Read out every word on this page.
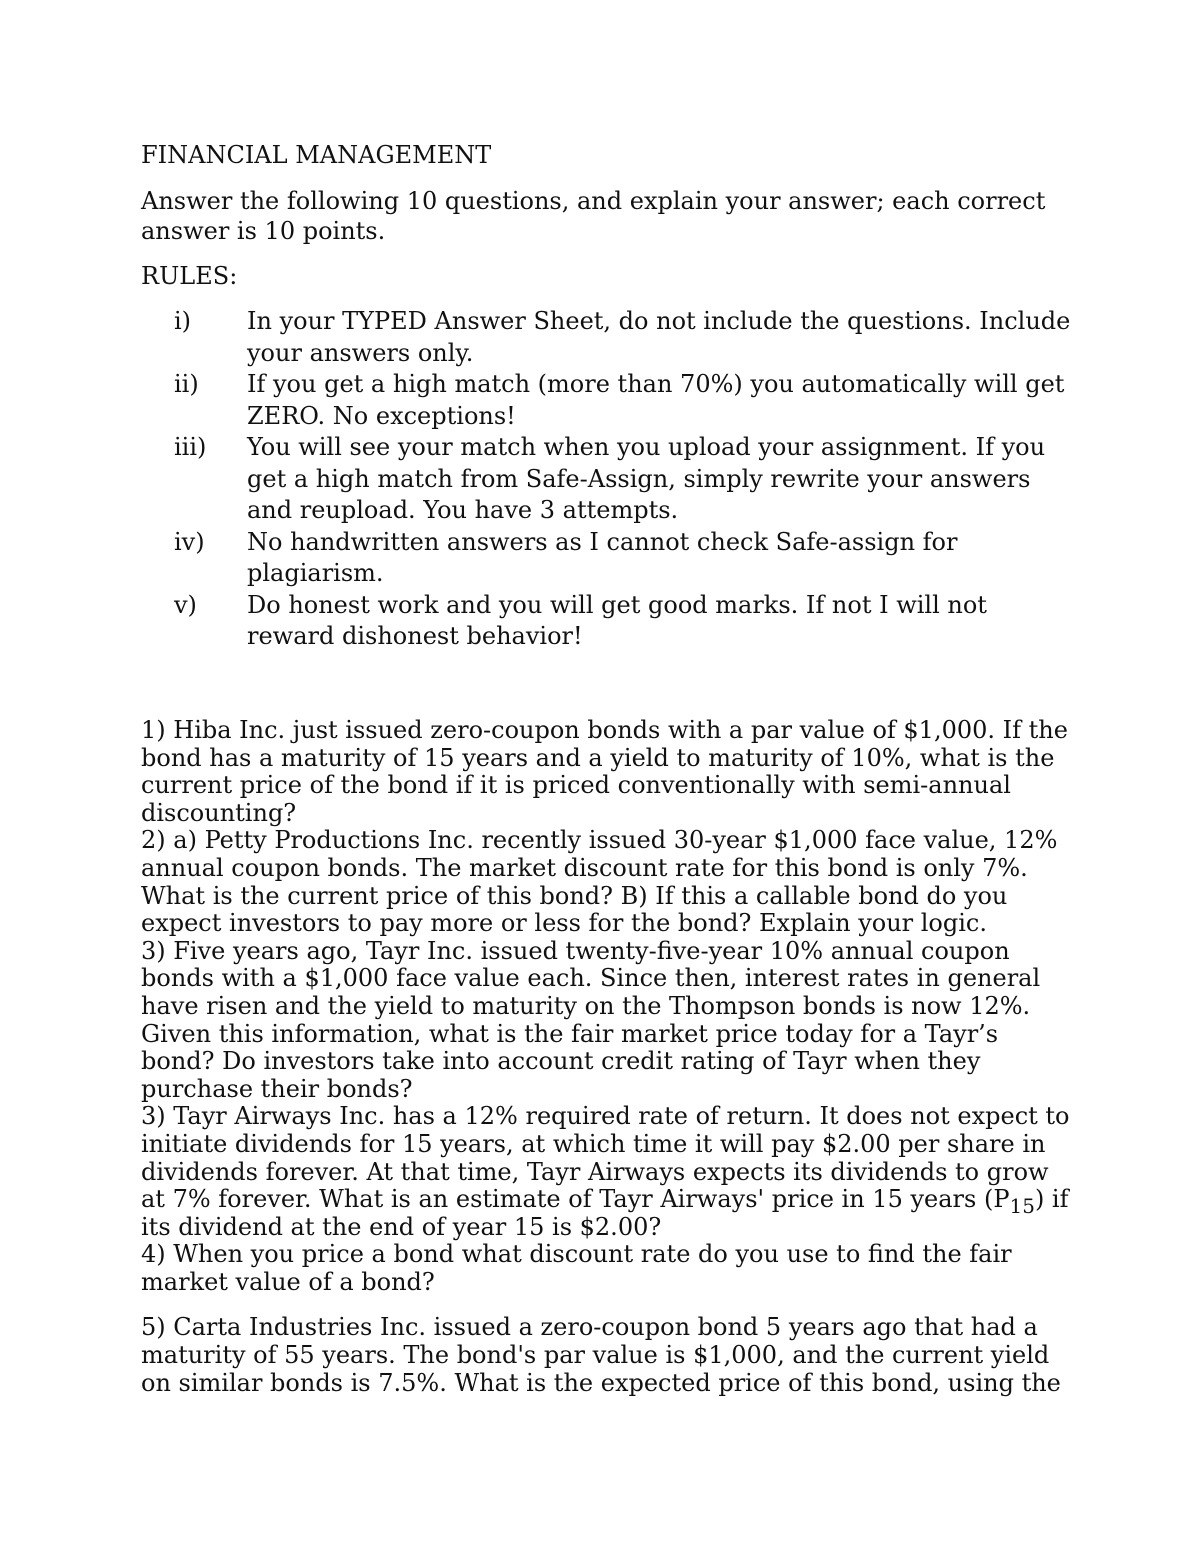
FINANCIAL MANAGEMENT
Answer the following 10 questions, and explain your answer; each correct answer is 10 points.
RULES:
i)	In your TYPED Answer Sheet, do not include the questions. Include your answers only.
ii)	If you get a high match (more than 70%) you automatically will get ZERO. No exceptions!
iii)	You will see your match when you upload your assignment. If you get a high match from Safe-Assign, simply rewrite your answers and reupload. You have 3 attempts.
iv)	No handwritten answers as I cannot check Safe-assign for plagiarism.
v)	Do honest work and you will get good marks. If not I will not reward dishonest behavior!
1) Hiba Inc. just issued zero-coupon bonds with a par value of $1,000. If the bond has a maturity of 15 years and a yield to maturity of 10%, what is the current price of the bond if it is priced conventionally with semi-annual discounting?
2) a) Petty Productions Inc. recently issued 30-year $1,000 face value, 12% annual coupon bonds. The market discount rate for this bond is only 7%. What is the current price of this bond? B) If this a callable bond do you expect investors to pay more or less for the bond? Explain your logic.
3) Five years ago, Tayr Inc. issued twenty-five-year 10% annual coupon bonds with a $1,000 face value each. Since then, interest rates in general have risen and the yield to maturity on the Thompson bonds is now 12%. Given this information, what is the fair market price today for a Tayr’s bond? Do investors take into account credit rating of Tayr when they purchase their bonds?
3) Tayr Airways Inc. has a 12% required rate of return. It does not expect to initiate dividends for 15 years, at which time it will pay $2.00 per share in dividends forever. At that time, Tayr Airways expects its dividends to grow at 7% forever. What is an estimate of Tayr Airways' price in 15 years $(P_{15})$ if its dividend at the end of year 15 is $2.00?
4) When you price a bond what discount rate do you use to find the fair market value of a bond?
5) Carta Industries Inc. issued a zero-coupon bond 5 years ago that had a maturity of 55 years. The bond's par value is $1,000, and the current yield on similar bonds is 7.5%. What is the expected price of this bond, using the
